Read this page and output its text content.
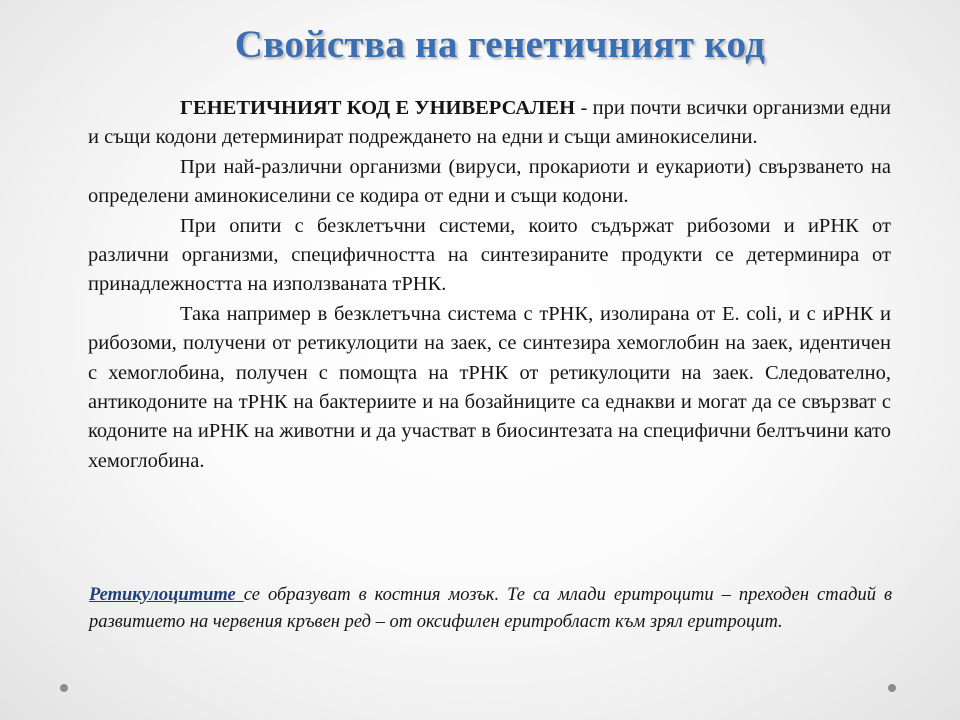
Свойства на генетичният код

ГЕНЕТИЧНИЯТ КОД Е УНИВЕРСАЛЕН - при почти всички организми едни и същи кодони детерминират подреждането на едни и същи аминокиселини.

При най-различни организми (вируси, прокариоти и еукариоти) свързването на определени аминокиселини се кодира от едни и същи кодони.

При опити с безклетъчни системи, които съдържат рибозоми и иРНК от различни организми, специфичността на синтезираните продукти се детерминира от принадлежността на използваната тРНК.

Така например в безклетъчна система с тРНК, изолирана от E. coli, и с иРНК и рибозоми, получени от ретикулоцити на заек, се синтезира хемоглобин на заек, идентичен с хемоглобина, получен с помощта на тРНК от ретикулоцити на заек. Следователно, антикодоните на тРНК на бактериите и на бозайниците са еднакви и могат да се свързват с кодоните на иРНК на животни и да участват в биосинтезата на специфични белтъчини като хемоглобина.

Ретикулоцитите се образуват в костния мозък. Те са млади еритроцити – преходен стадий в развитието на червения кръвен ред – от оксифилен еритробласт към зрял еритроцит.
